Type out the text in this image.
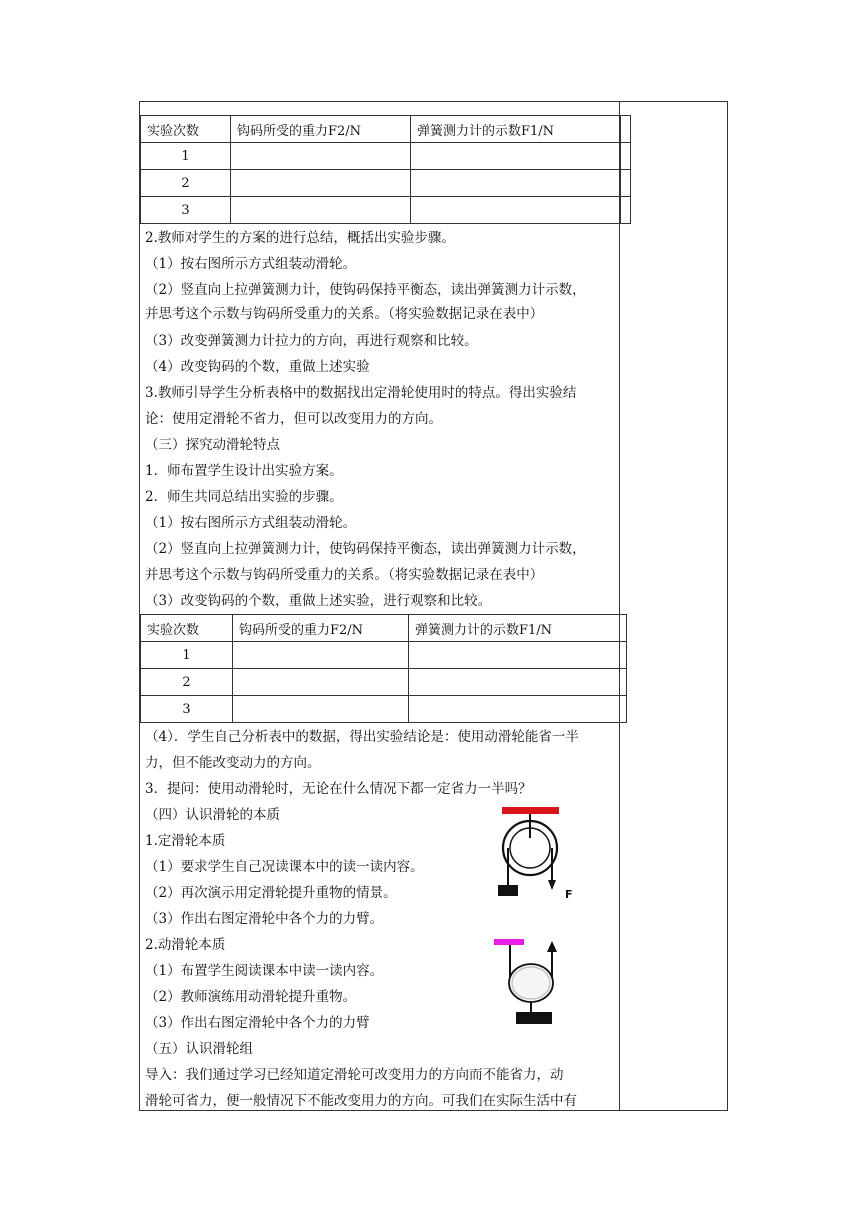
实验次数	钩码所受的重力F2/N	弹簧测力计的示数F1/N	
1			
2			
3			
2.教师对学生的方案的进行总结，概括出实验步骤。
（1）按右图所示方式组装动滑轮。
（2）竖直向上拉弹簧测力计，使钩码保持平衡态，读出弹簧测力计示数，
并思考这个示数与钩码所受重力的关系。（将实验数据记录在表中）
（3）改变弹簧测力计拉力的方向，再进行观察和比较。
（4）改变钩码的个数，重做上述实验
3.教师引导学生分析表格中的数据找出定滑轮使用时的特点。得出实验结
论：使用定滑轮不省力，但可以改变用力的方向。
（三）探究动滑轮特点
1．师布置学生设计出实验方案。
2．师生共同总结出实验的步骤。
（1）按右图所示方式组装动滑轮。
（2）竖直向上拉弹簧测力计，使钩码保持平衡态，读出弹簧测力计示数，
并思考这个示数与钩码所受重力的关系。（将实验数据记录在表中）
（3）改变钩码的个数，重做上述实验，进行观察和比较。
实验次数	钩码所受的重力F2/N	弹簧测力计的示数F1/N
1		
2		
3		
（4）．学生自己分析表中的数据，得出实验结论是：使用动滑轮能省一半
力，但不能改变动力的方向。
3．提问：使用动滑轮时，无论在什么情况下都一定省力一半吗？
（四）认识滑轮的本质
1.定滑轮本质
（1）要求学生自己况读课本中的读一读内容。
（2）再次演示用定滑轮提升重物的情景。
（3）作出右图定滑轮中各个力的力臂。
2.动滑轮本质
（1）布置学生阅读课本中读一读内容。
（2）教师演练用动滑轮提升重物。
（3）作出右图定滑轮中各个力的力臂
（五）认识滑轮组
导入：我们通过学习已经知道定滑轮可改变用力的方向而不能省力，动
滑轮可省力，便一般情况下不能改变用力的方向。可我们在实际生活中有
F
